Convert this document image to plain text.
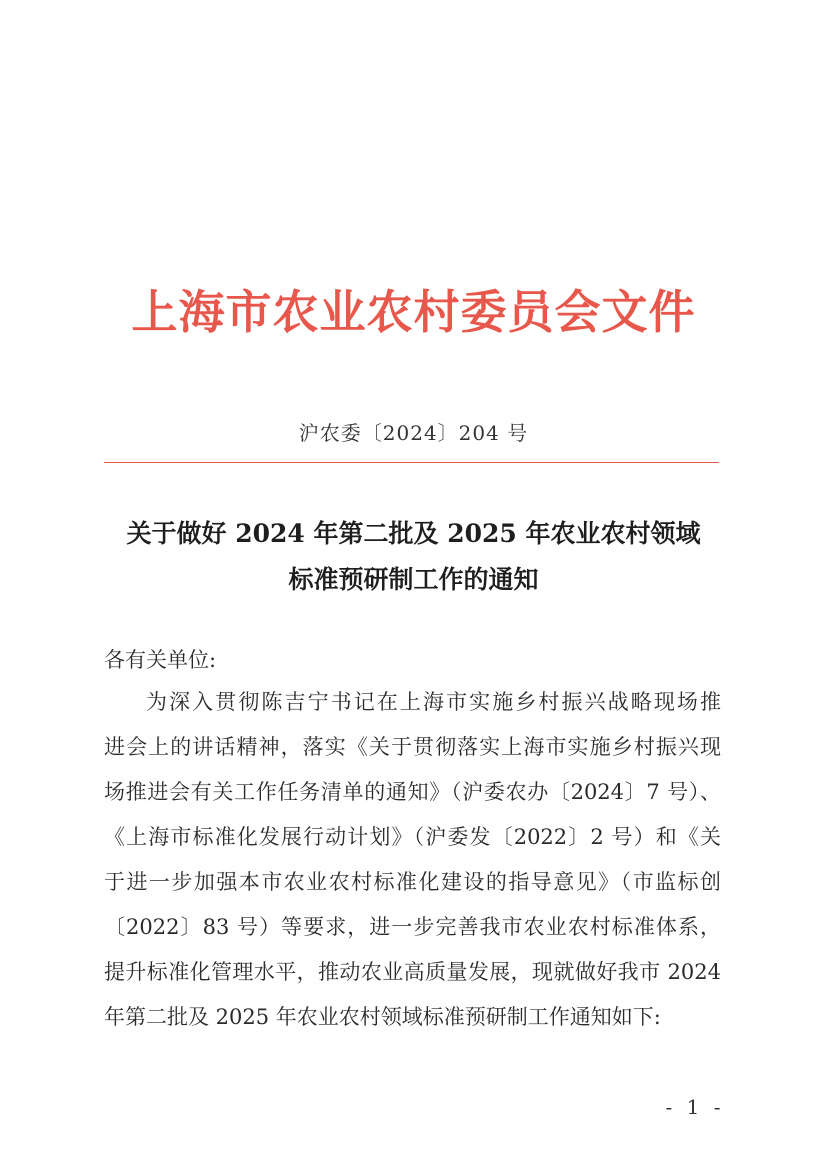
上海市农业农村委员会文件
沪农委〔2024〕204 号
关于做好 2024 年第二批及 2025 年农业农村领域
标准预研制工作的通知
各有关单位:
为深入贯彻陈吉宁书记在上海市实施乡村振兴战略现场推
进会上的讲话精神，落实《关于贯彻落实上海市实施乡村振兴现
场推进会有关工作任务清单的通知》（沪委农办〔2024〕7 号）、
《上海市标准化发展行动计划》（沪委发〔2022〕2 号）和《关
于进一步加强本市农业农村标准化建设的指导意见》（市监标创
〔2022〕83 号）等要求，进一步完善我市农业农村标准体系，
提升标准化管理水平，推动农业高质量发展，现就做好我市 2024
年第二批及 2025 年农业农村领域标准预研制工作通知如下:
- 1 -
